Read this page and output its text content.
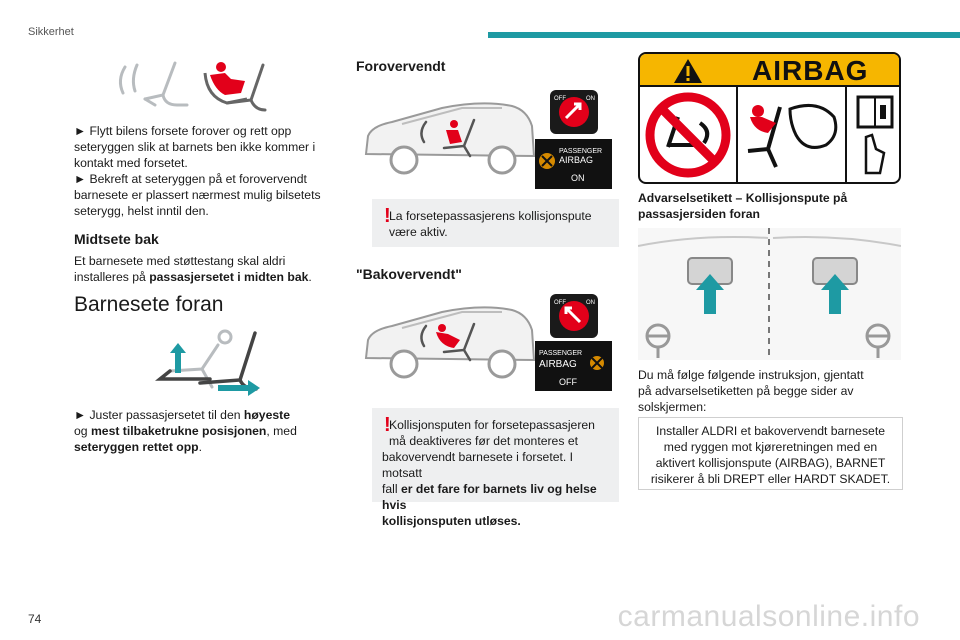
Sikkerhet
74	carmanualsonline.info
► Flytt bilens forsete forover og rett opp
seteryggen slik at barnets ben ikke kommer i
kontakt med forsetet.
► Bekreft at seteryggen på et forovervendt
barnesete er plassert nærmest mulig bilsetets
seterygg, helst inntil den.
Midtsete bak
Et barnesete med støttestang skal aldri
installeres på passasjersetet i midten bak.
Barnesete foran
► Juster passasjersetet til den høyeste
og mest tilbaketrukne posisjonen, med
seteryggen rettet opp.
Forovervendt
OFF	ON
PASSENGER
AIRBAG
ON
!
La forsetepassasjerens kollisjonspute
være aktiv.
"Bakovervendt"
OFF	ON
PASSENGER
AIRBAG
OFF
!
Kollisjonsputen for forsetepassasjeren
må deaktiveres før det monteres et
bakovervendt barnesete i forsetet. I motsatt
fall er det fare for barnets liv og helse hvis
kollisjonsputen utløses.
AIRBAG
Advarselsetikett – Kollisjonspute på
passasjersiden foran
Du må følge følgende instruksjon, gjentatt
på advarselsetiketten på begge sider av
solskjermen:
Installer ALDRI et bakovervendt barnesete
med ryggen mot kjøreretningen med en
aktivert kollisjonspute (AIRBAG), BARNET
risikerer å bli DREPT eller HARDT SKADET.
